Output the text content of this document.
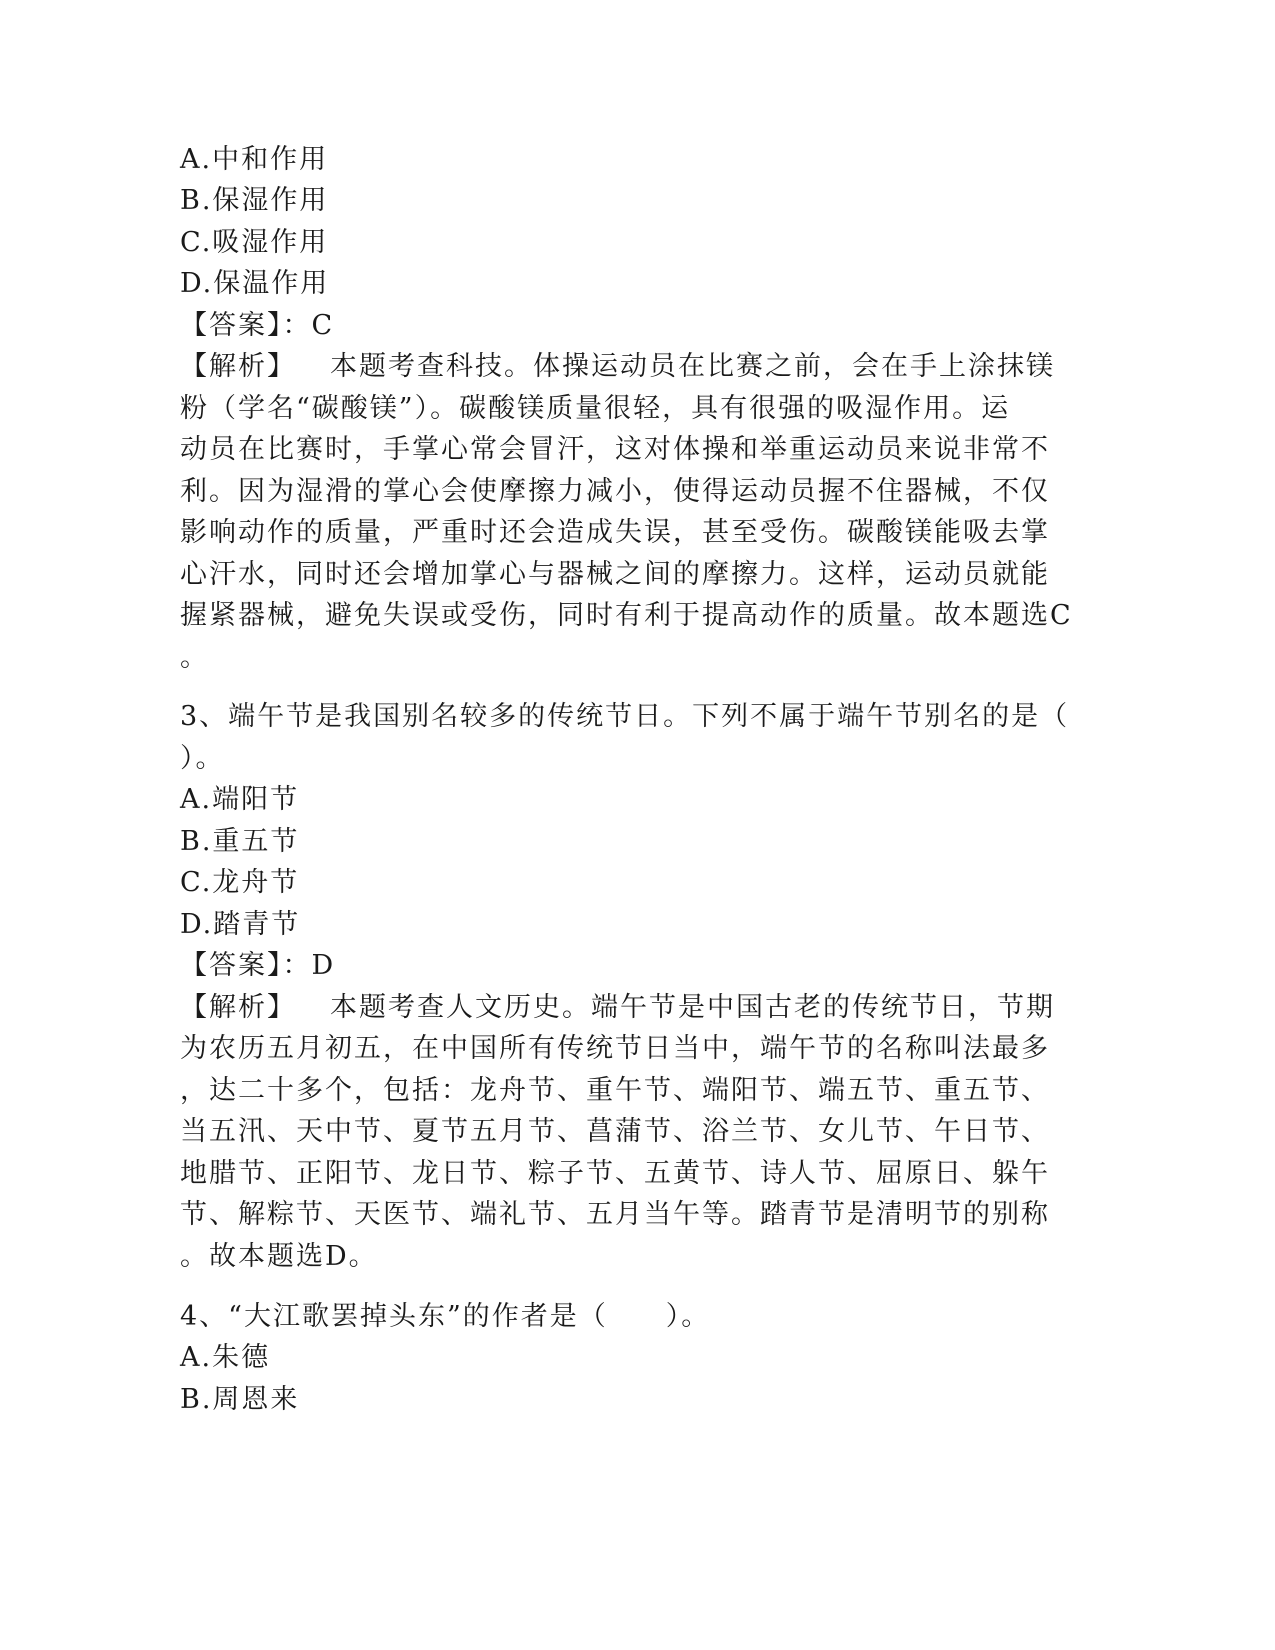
A.中和作用
B.保湿作用
C.吸湿作用
D.保温作用
【答案】：C
【解析】 本题考查科技。体操运动员在比赛之前，会在手上涂抹镁
粉（学名“碳酸镁”）。碳酸镁质量很轻，具有很强的吸湿作用。运
动员在比赛时，手掌心常会冒汗，这对体操和举重运动员来说非常不
利。因为湿滑的掌心会使摩擦力减小，使得运动员握不住器械，不仅
影响动作的质量，严重时还会造成失误，甚至受伤。碳酸镁能吸去掌
心汗水，同时还会增加掌心与器械之间的摩擦力。这样，运动员就能
握紧器械，避免失误或受伤，同时有利于提高动作的质量。故本题选C
。
3、端午节是我国别名较多的传统节日。下列不属于端午节别名的是（
）。
A.端阳节
B.重五节
C.龙舟节
D.踏青节
【答案】：D
【解析】 本题考查人文历史。端午节是中国古老的传统节日，节期
为农历五月初五，在中国所有传统节日当中，端午节的名称叫法最多
，达二十多个，包括：龙舟节、重午节、端阳节、端五节、重五节、
当五汛、天中节、夏节五月节、菖蒲节、浴兰节、女儿节、午日节、
地腊节、正阳节、龙日节、粽子节、五黄节、诗人节、屈原日、躲午
节、解粽节、天医节、端礼节、五月当午等。踏青节是清明节的别称
。故本题选D。
4、“大江歌罢掉头东”的作者是（　　）。
A.朱德
B.周恩来
